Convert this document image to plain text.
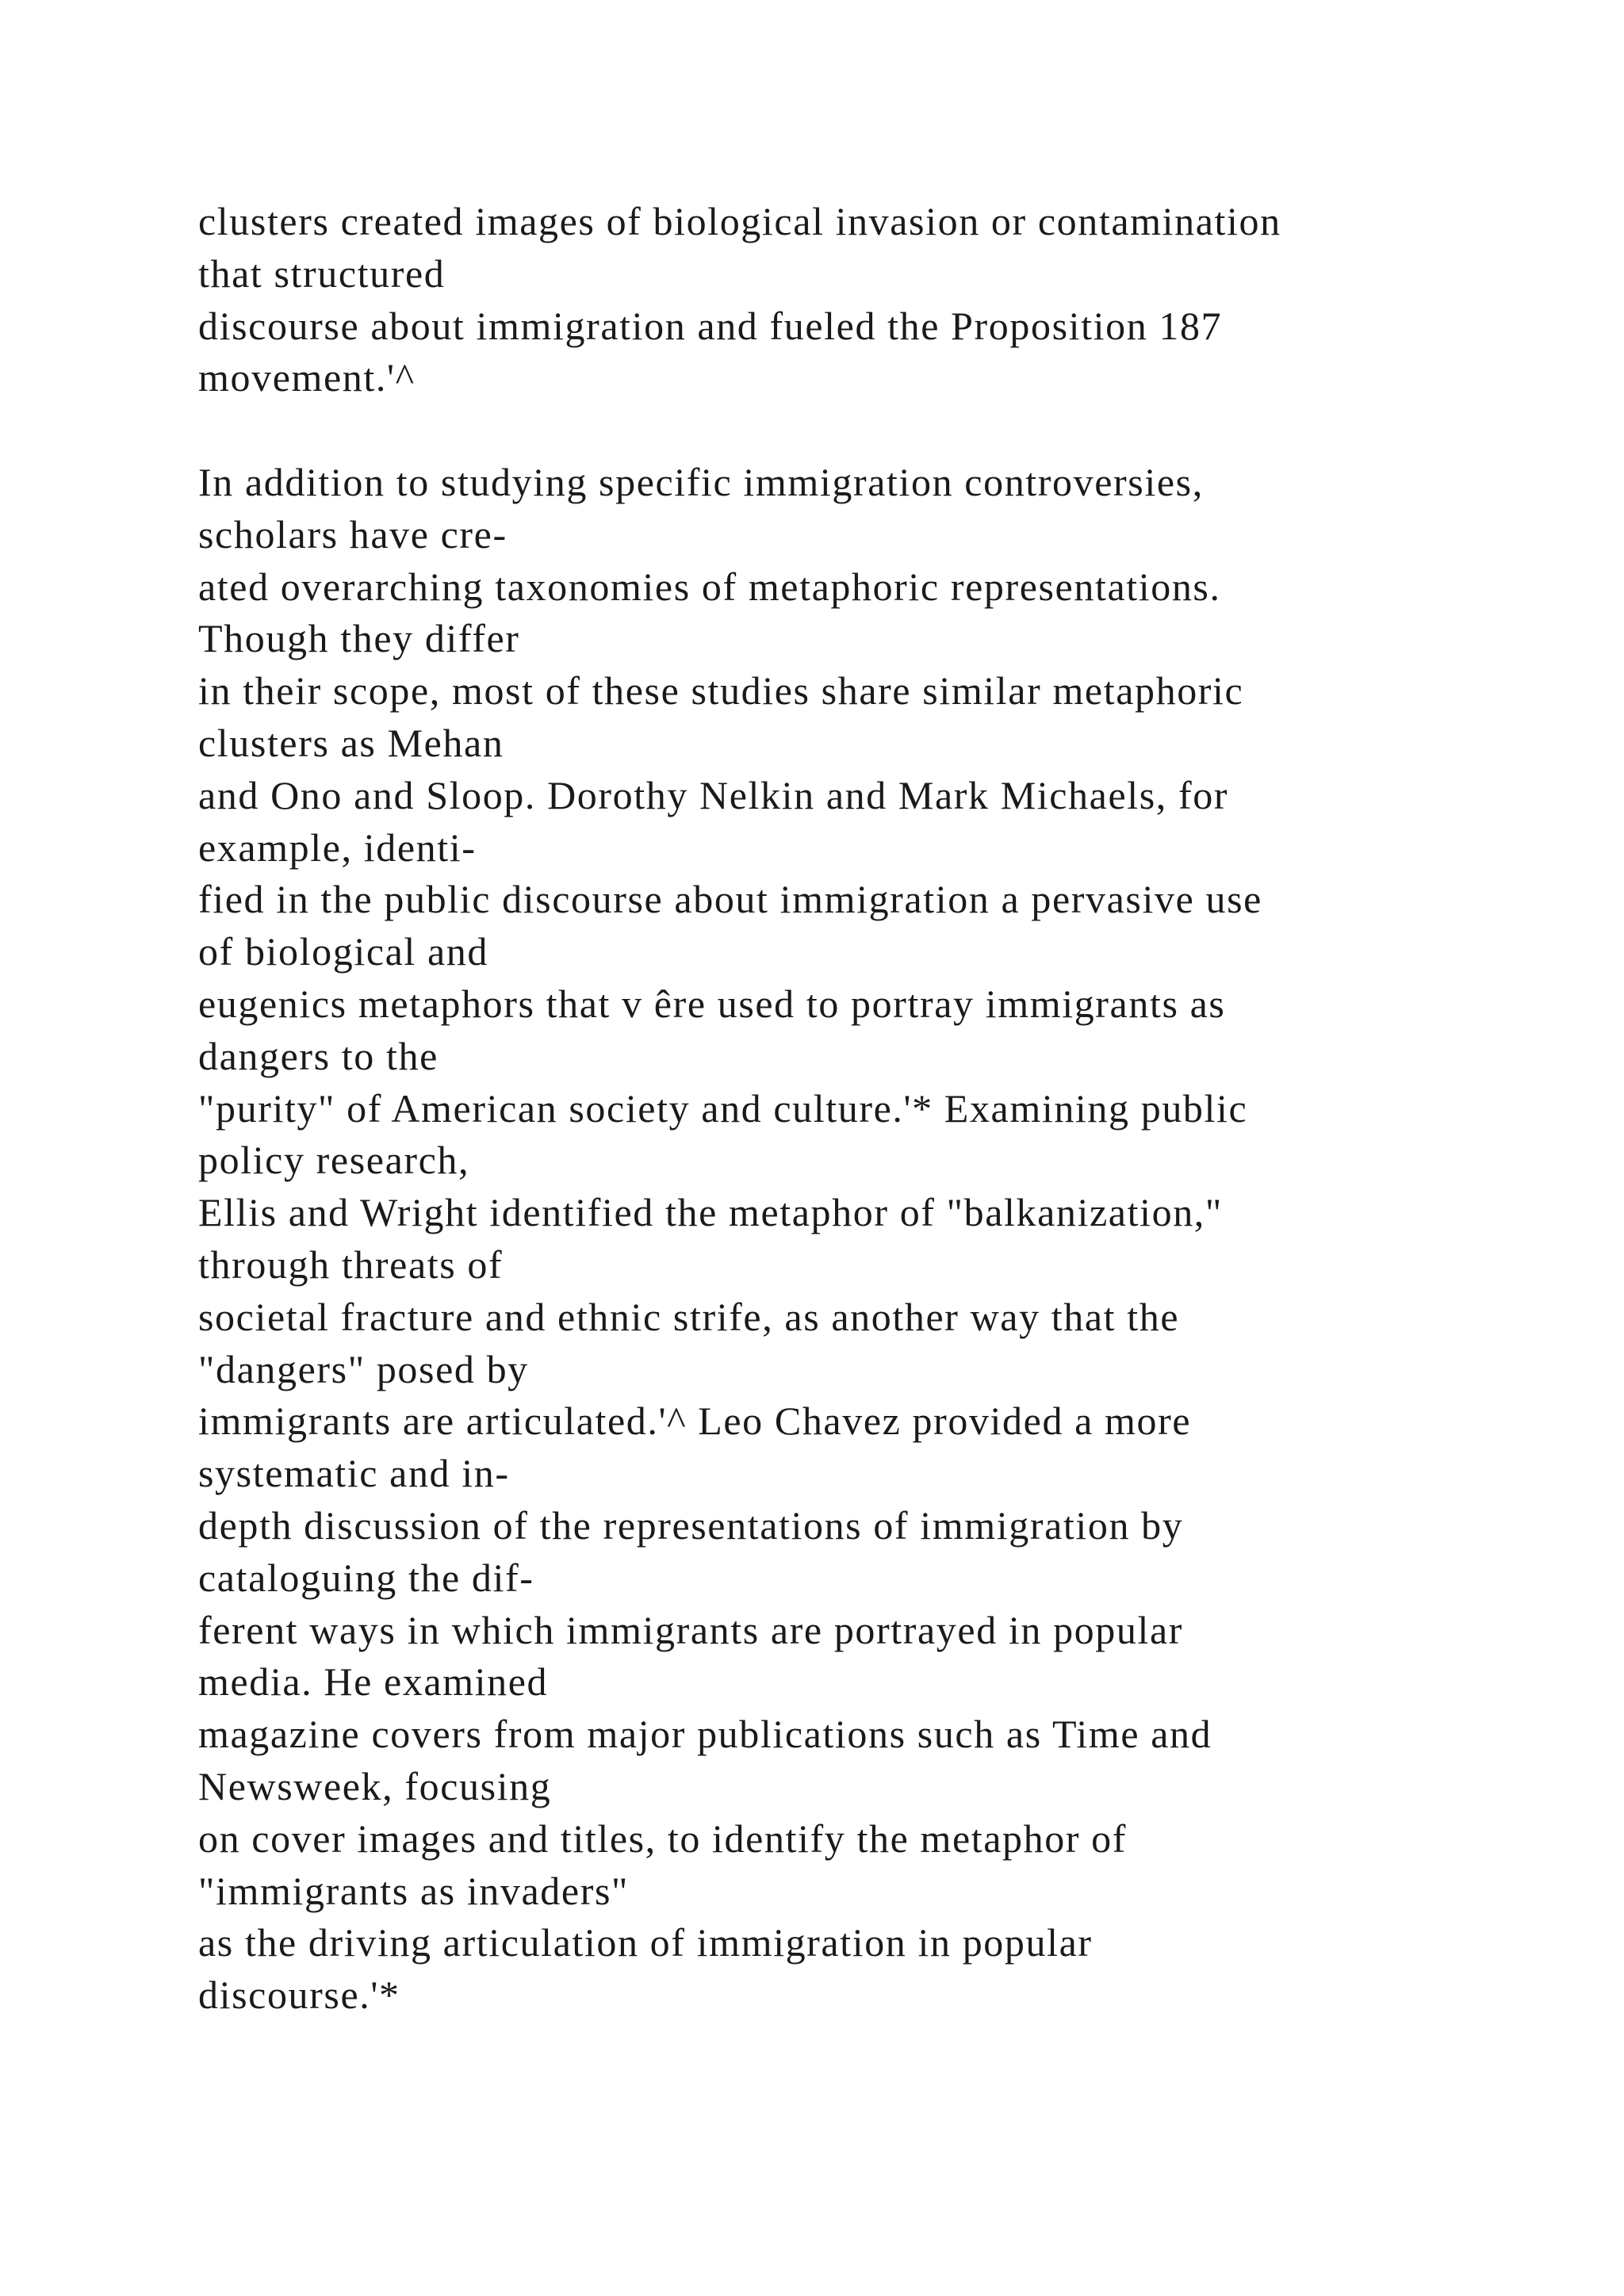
clusters created images of biological invasion or contamination
that structured
discourse about immigration and fueled the Proposition 187
movement.'^
In addition to studying specific immigration controversies,
scholars have cre-
ated overarching taxonomies of metaphoric representations.
Though they differ
in their scope, most of these studies share similar metaphoric
clusters as Mehan
and Ono and Sloop. Dorothy Nelkin and Mark Michaels, for
example, identi-
fied in the public discourse about immigration a pervasive use
of biological and
eugenics metaphors that v êre used to portray immigrants as
dangers to the
"purity" of American society and culture.'* Examining public
policy research,
Ellis and Wright identified the metaphor of "balkanization,"
through threats of
societal fracture and ethnic strife, as another way that the
"dangers" posed by
immigrants are articulated.'^ Leo Chavez provided a more
systematic and in-
depth discussion of the representations of immigration by
cataloguing the dif-
ferent ways in which immigrants are portrayed in popular
media. He examined
magazine covers from major publications such as Time and
Newsweek, focusing
on cover images and titles, to identify the metaphor of
"immigrants as invaders"
as the driving articulation of immigration in popular
discourse.'*
